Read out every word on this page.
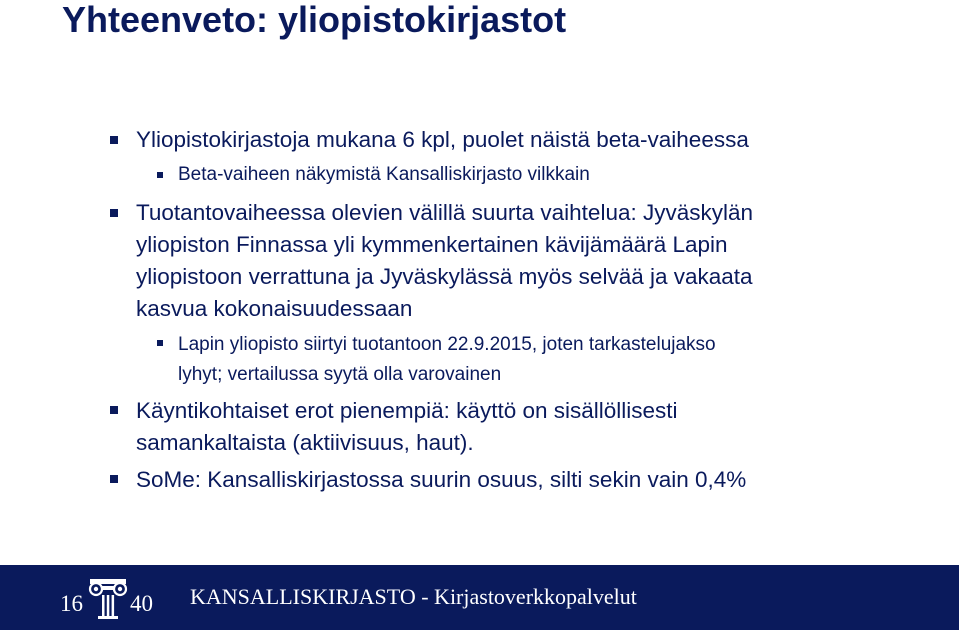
Yhteenveto: yliopistokirjastot
Yliopistokirjastoja mukana 6 kpl, puolet näistä beta-vaiheessa
Beta-vaiheen näkymistä Kansalliskirjasto vilkkain
Tuotantovaiheessa olevien välillä suurta vaihtelua: Jyväskylän
yliopiston Finnassa yli kymmenkertainen kävijämäärä Lapin
yliopistoon verrattuna ja Jyväskylässä myös selvää ja vakaata
kasvua kokonaisuudessaan
Lapin yliopisto siirtyi tuotantoon 22.9.2015, joten tarkastelujakso
lyhyt; vertailussa syytä olla varovainen
Käyntikohtaiset erot pienempiä: käyttö on sisällöllisesti
samankaltaista (aktiivisuus, haut).
SoMe: Kansalliskirjastossa suurin osuus, silti sekin vain 0,4%
16 40 KANSALLISKIRJASTO - Kirjastoverkkopalvelut
